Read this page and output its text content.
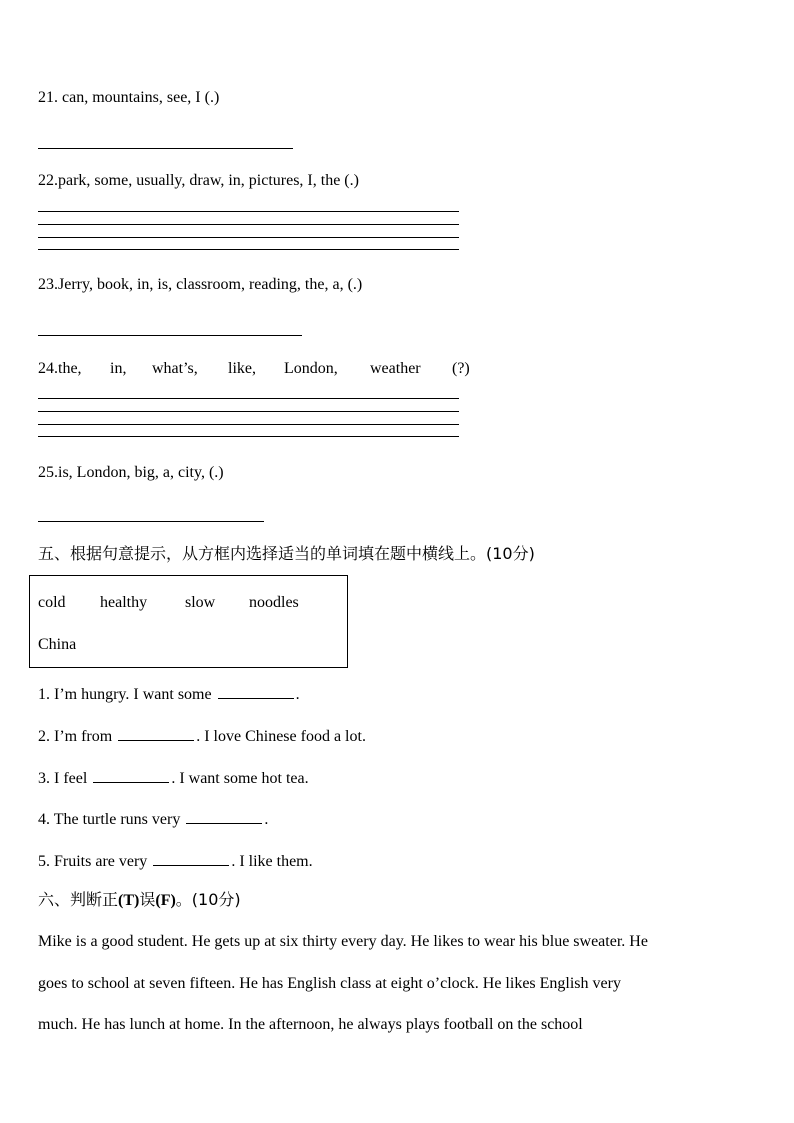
21. can, mountains, see, I (.)
22.park, some, usually, draw, in, pictures, I, the (.)
23.Jerry, book, in, is, classroom, reading, the, a, (.)
24.the, in, what’s, like, London, weather (?)
25.is, London, big, a, city, (.)
五、根据句意提示，从方框内选择适当的单词填在题中横线上。(10分)
cold healthy slow noodles
China
1. I’m hungry. I want some	.
2. I’m from	. I love Chinese food a lot.
3. I feel	. I want some hot tea.
4. The turtle runs very	.
5. Fruits are very	. I like them.
六、判断正(T)误(F)。(10分)
Mike is a good student. He gets up at six thirty every day. He likes to wear his blue sweater. He
goes to school at seven fifteen. He has English class at eight o’clock. He likes English very
much. He has lunch at home. In the afternoon, he always plays football on the school
